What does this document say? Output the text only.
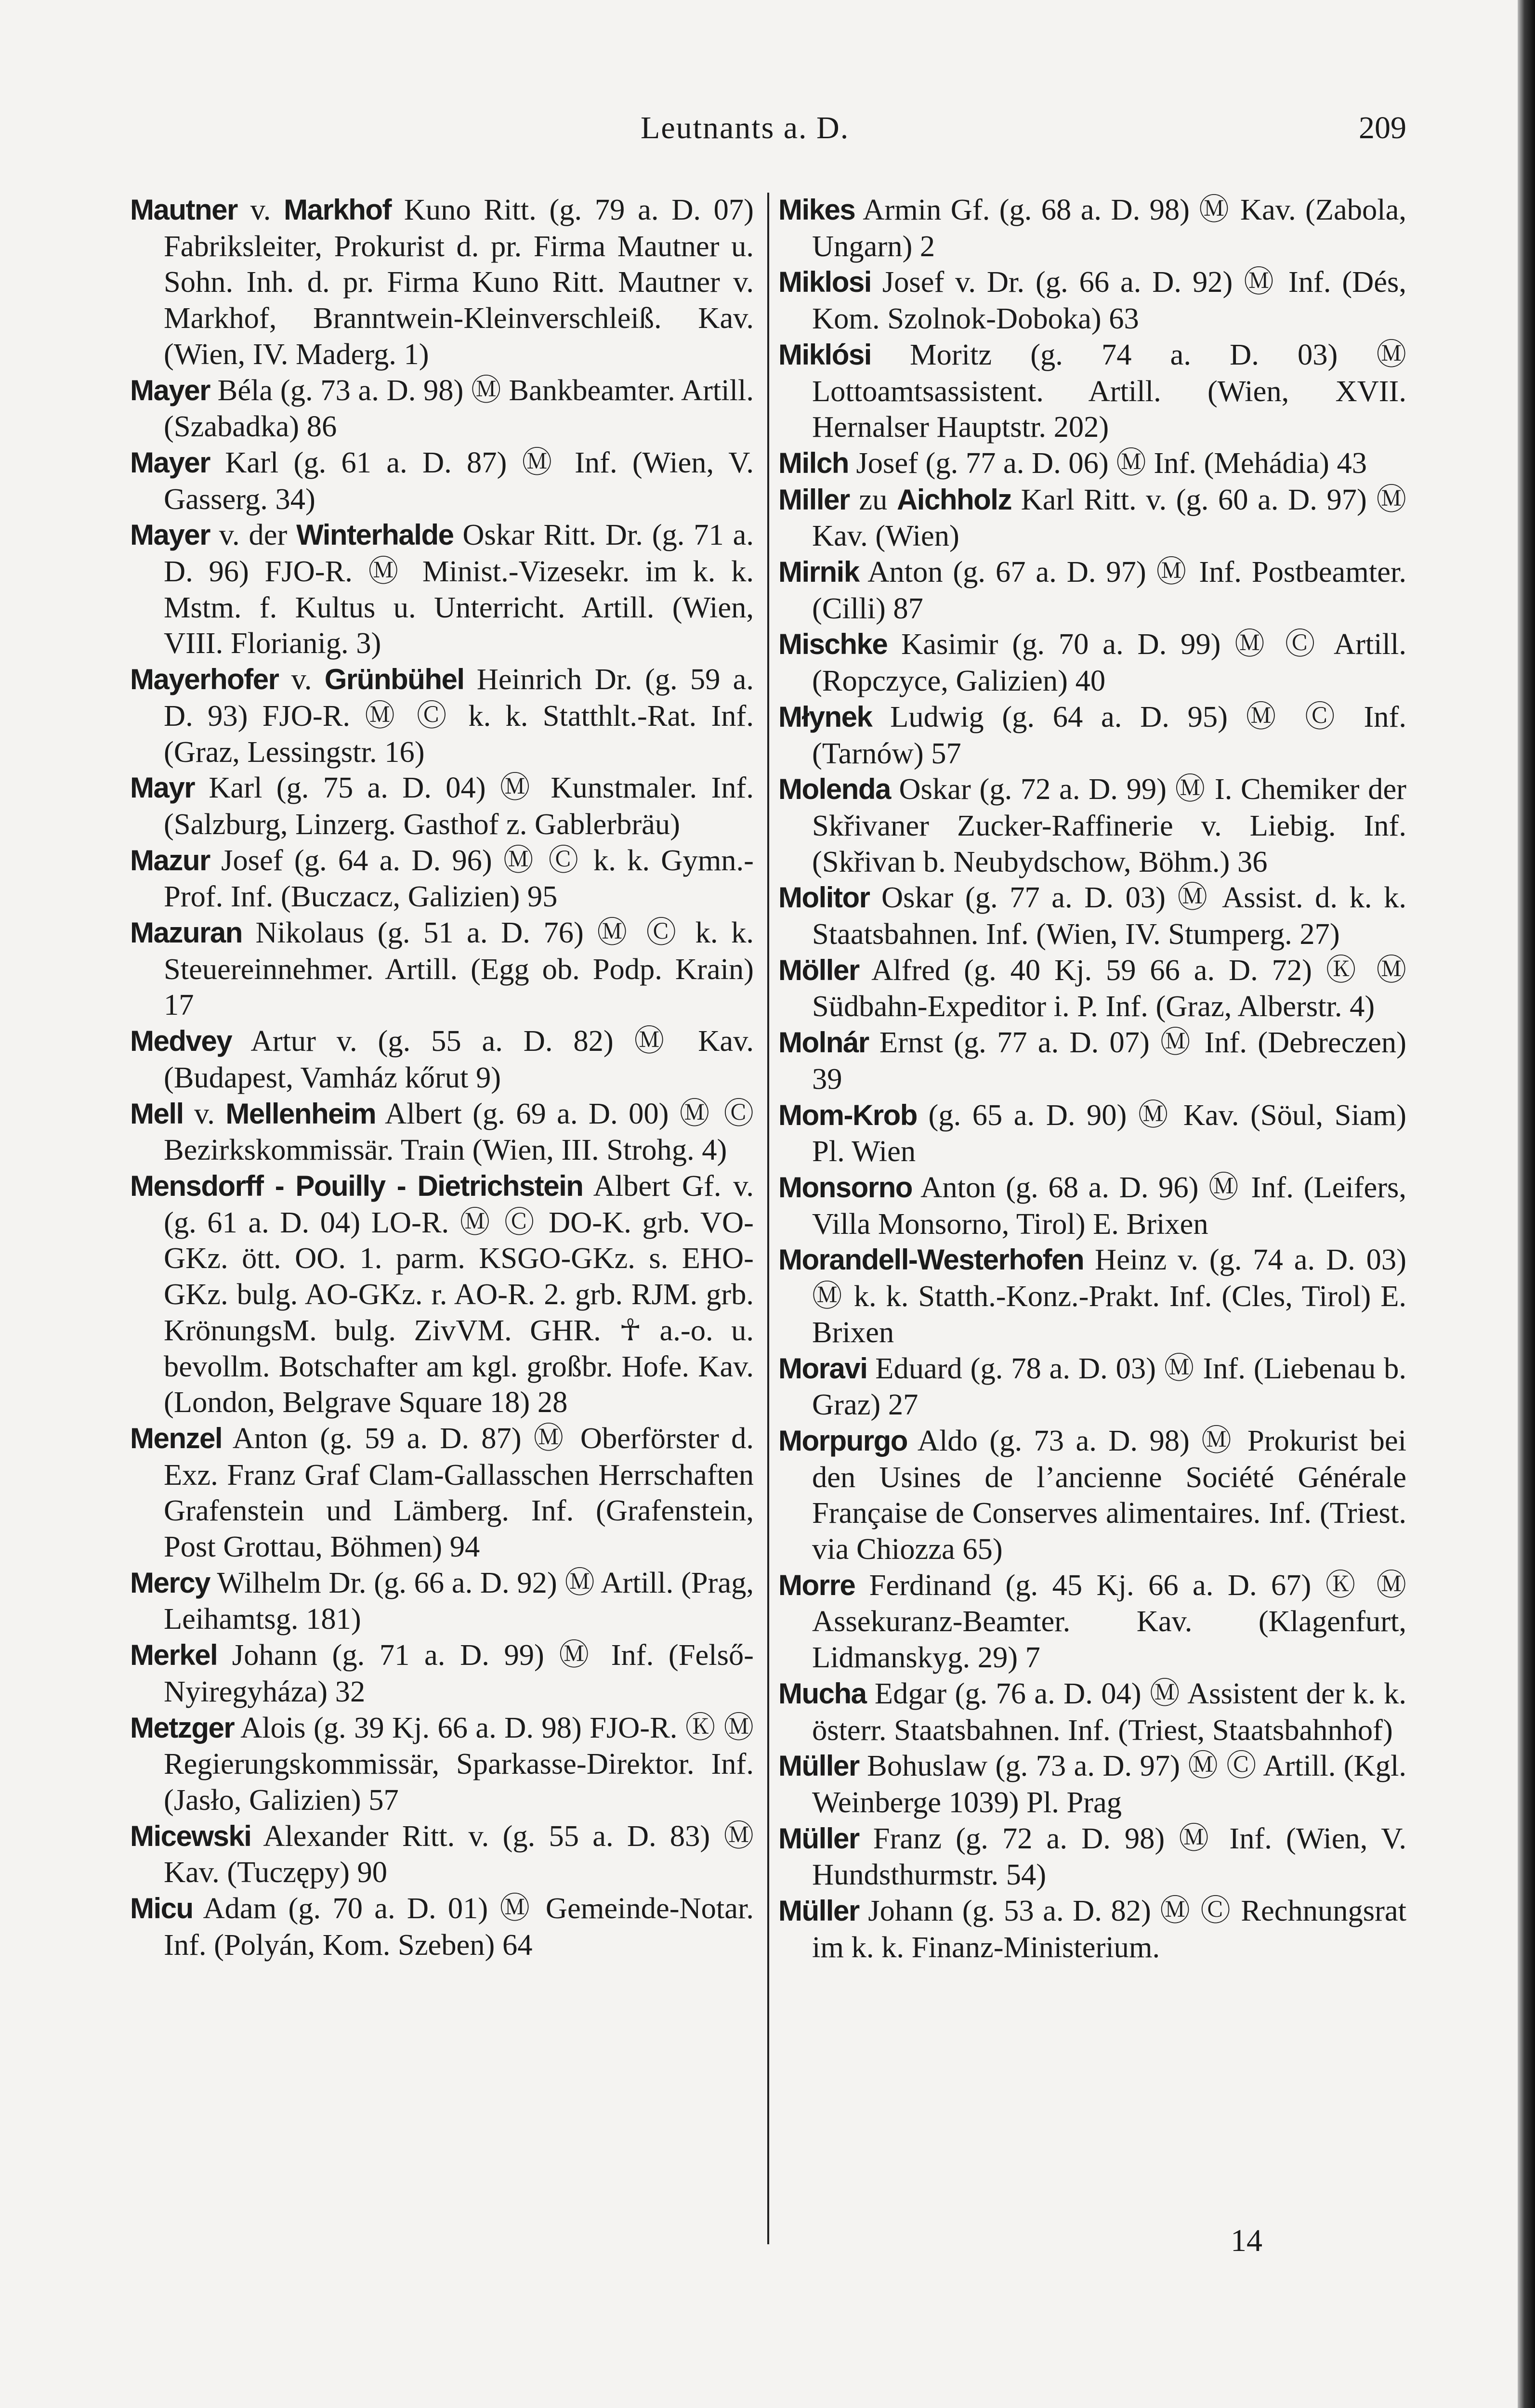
Leutnants a. D.	209

Mautner v. Markhof Kuno Ritt. (g. 79 a. D. 07) Fabriksleiter, Prokurist d. pr. Firma Mautner u. Sohn. Inh. d. pr. Firma Kuno Ritt. Mautner v. Markhof, Branntwein-Kleinverschleiß. Kav. (Wien, IV. Maderg. 1)

Mayer Béla (g. 73 a. D. 98) Ⓜ Bankbeamter. Artill. (Szabadka) 86

Mayer Karl (g. 61 a. D. 87) Ⓜ Inf. (Wien, V. Gasserg. 34)

Mayer v. der Winterhalde Oskar Ritt. Dr. (g. 71 a. D. 96) FJO-R. Ⓜ Minist.-Vizesekr. im k. k. Mstm. f. Kultus u. Unterricht. Artill. (Wien, VIII. Florianig. 3)

Mayerhofer v. Grünbühel Heinrich Dr. (g. 59 a. D. 93) FJO-R. Ⓜ Ⓒ k. k. Statthlt.-Rat. Inf. (Graz, Lessingstr. 16)

Mayr Karl (g. 75 a. D. 04) Ⓜ Kunstmaler. Inf. (Salzburg, Linzerg. Gasthof z. Gablerbräu)

Mazur Josef (g. 64 a. D. 96) Ⓜ Ⓒ k. k. Gymn.-Prof. Inf. (Buczacz, Galizien) 95

Mazuran Nikolaus (g. 51 a. D. 76) Ⓜ Ⓒ k. k. Steuereinnehmer. Artill. (Egg ob. Podp. Krain) 17

Medvey Artur v. (g. 55 a. D. 82) Ⓜ Kav. (Budapest, Vamház kőrut 9)

Mell v. Mellenheim Albert (g. 69 a. D. 00) Ⓜ Ⓒ Bezirkskommissär. Train (Wien, III. Strohg. 4)

Mensdorff - Pouilly - Dietrichstein Albert Gf. v. (g. 61 a. D. 04) LO-R. Ⓜ Ⓒ DO-K. grb. VO-GKz. ött. OO. 1. parm. KSGO-GKz. s. EHO-GKz. bulg. AO-GKz. r. AO-R. 2. grb. RJM. grb. KrönungsM. bulg. ZivVM. GHR. ☥ a.-o. u. bevollm. Botschafter am kgl. großbr. Hofe. Kav. (London, Belgrave Square 18) 28

Menzel Anton (g. 59 a. D. 87) Ⓜ Oberförster d. Exz. Franz Graf Clam-Gallasschen Herrschaften Grafenstein und Lämberg. Inf. (Grafenstein, Post Grottau, Böhmen) 94

Mercy Wilhelm Dr. (g. 66 a. D. 92) Ⓜ Artill. (Prag, Leihamtsg. 181)

Merkel Johann (g. 71 a. D. 99) Ⓜ Inf. (Felső-Nyiregyháza) 32

Metzger Alois (g. 39 Kj. 66 a. D. 98) FJO-R. Ⓚ Ⓜ Regierungskommissär, Sparkasse-Direktor. Inf. (Jasło, Galizien) 57

Micewski Alexander Ritt. v. (g. 55 a. D. 83) Ⓜ Kav. (Tuczępy) 90

Micu Adam (g. 70 a. D. 01) Ⓜ Gemeinde-Notar. Inf. (Polyán, Kom. Szeben) 64

Mikes Armin Gf. (g. 68 a. D. 98) Ⓜ Kav. (Zabola, Ungarn) 2

Miklosi Josef v. Dr. (g. 66 a. D. 92) Ⓜ Inf. (Dés, Kom. Szolnok-Doboka) 63

Miklósi Moritz (g. 74 a. D. 03) Ⓜ Lottoamtsassistent. Artill. (Wien, XVII. Hernalser Hauptstr. 202)

Milch Josef (g. 77 a. D. 06) Ⓜ Inf. (Mehádia) 43

Miller zu Aichholz Karl Ritt. v. (g. 60 a. D. 97) Ⓜ Kav. (Wien)

Mirnik Anton (g. 67 a. D. 97) Ⓜ Inf. Postbeamter. (Cilli) 87

Mischke Kasimir (g. 70 a. D. 99) Ⓜ Ⓒ Artill. (Ropczyce, Galizien) 40

Młynek Ludwig (g. 64 a. D. 95) Ⓜ Ⓒ Inf. (Tarnów) 57

Molenda Oskar (g. 72 a. D. 99) Ⓜ I. Chemiker der Skřivaner Zucker-Raffinerie v. Liebig. Inf. (Skřivan b. Neubydschow, Böhm.) 36

Molitor Oskar (g. 77 a. D. 03) Ⓜ Assist. d. k. k. Staatsbahnen. Inf. (Wien, IV. Stumperg. 27)

Möller Alfred (g. 40 Kj. 59 66 a. D. 72) Ⓚ Ⓜ Südbahn-Expeditor i. P. Inf. (Graz, Alberstr. 4)

Molnár Ernst (g. 77 a. D. 07) Ⓜ Inf. (Debreczen) 39

Mom-Krob (g. 65 a. D. 90) Ⓜ Kav. (Söul, Siam) Pl. Wien

Monsorno Anton (g. 68 a. D. 96) Ⓜ Inf. (Leifers, Villa Monsorno, Tirol) E. Brixen

Morandell-Westerhofen Heinz v. (g. 74 a. D. 03) Ⓜ k. k. Statth.-Konz.-Prakt. Inf. (Cles, Tirol) E. Brixen

Moravi Eduard (g. 78 a. D. 03) Ⓜ Inf. (Liebenau b. Graz) 27

Morpurgo Aldo (g. 73 a. D. 98) Ⓜ Prokurist bei den Usines de l’ancienne Société Générale Française de Conserves alimentaires. Inf. (Triest. via Chiozza 65)

Morre Ferdinand (g. 45 Kj. 66 a. D. 67) Ⓚ Ⓜ Assekuranz-Beamter. Kav. (Klagenfurt, Lidmanskyg. 29) 7

Mucha Edgar (g. 76 a. D. 04) Ⓜ Assistent der k. k. österr. Staatsbahnen. Inf. (Triest, Staatsbahnhof)

Müller Bohuslaw (g. 73 a. D. 97) Ⓜ Ⓒ Artill. (Kgl. Weinberge 1039) Pl. Prag

Müller Franz (g. 72 a. D. 98) Ⓜ Inf. (Wien, V. Hundsthurmstr. 54)

Müller Johann (g. 53 a. D. 82) Ⓜ Ⓒ Rechnungsrat im k. k. Finanz-Ministerium.

14
